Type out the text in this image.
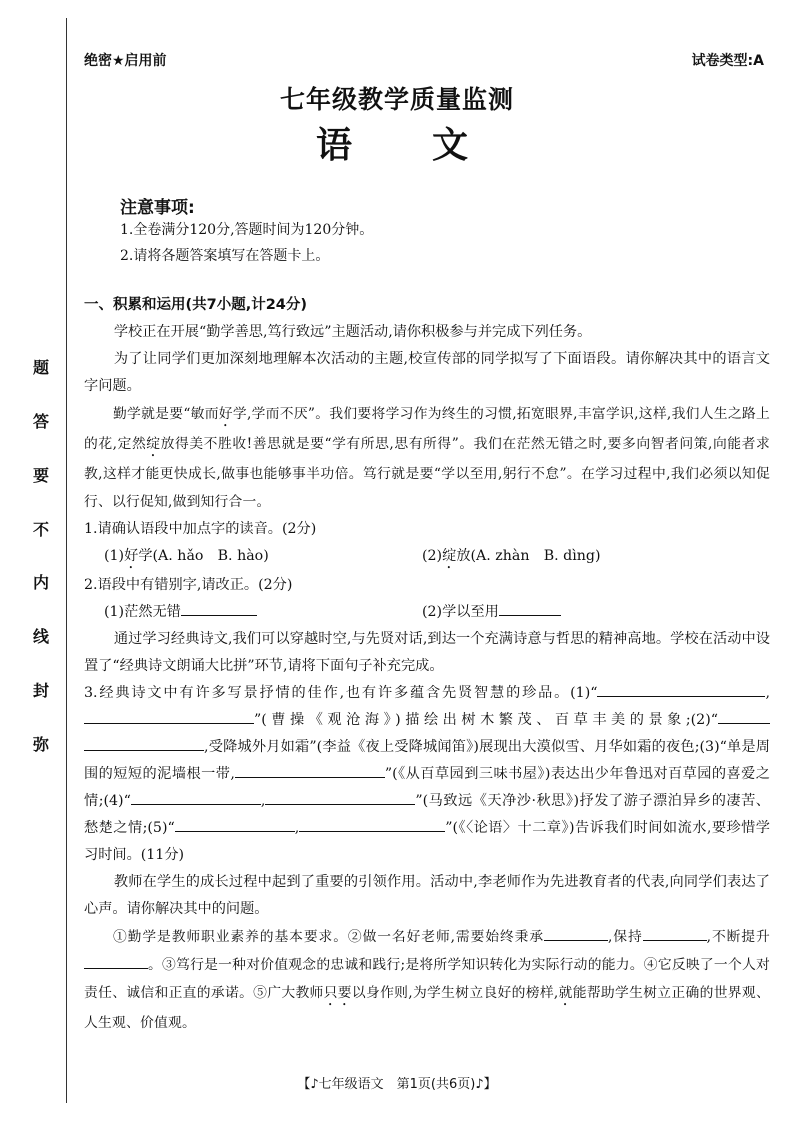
题
答
要
不
内
线
封
弥
绝密★启用前	试卷类型:A
七年级教学质量监测
语文
注意事项:
1.全卷满分120分,答题时间为120分钟。
2.请将各题答案填写在答题卡上。

一、积累和运用(共7小题,计24分)

学校正在开展“勤学善思,笃行致远”主题活动,请你积极参与并完成下列任务。

为了让同学们更加深刻地理解本次活动的主题,校宣传部的同学拟写了下面语段。请你解决其中的语言文字问题。

勤学就是要“敏而好学,学而不厌”。我们要将学习作为终生的习惯,拓宽眼界,丰富学识,这样,我们人生之路上的花,定然绽放得美不胜收!善思就是要“学有所思,思有所得”。我们在茫然无错之时,要多向智者问策,向能者求教,这样才能更快成长,做事也能够事半功倍。笃行就是要“学以至用,躬行不怠”。在学习过程中,我们必须以知促行、以行促知,做到知行合一。

1.请确认语段中加点字的读音。(2分)

(1)好学(A. hǎo　B. hào)	(2)绽放(A. zhàn　B. dìng)

2.语段中有错别字,请改正。(2分)

(1)茫然无错	(2)学以至用

通过学习经典诗文,我们可以穿越时空,与先贤对话,到达一个充满诗意与哲思的精神高地。学校在活动中设置了“经典诗文朗诵大比拼”环节,请将下面句子补充完成。

3.经典诗文中有许多写景抒情的佳作,也有许多蕴含先贤智慧的珍品。(1)“	,”(曹操《观沧海》)描绘出树木繁茂、百草丰美的景象;(2)“,受降城外月如霜”(李益《夜上受降城闻笛》)展现出大漠似雪、月华如霜的夜色;(3)“单是周围的短短的泥墙根一带,	”(《从百草园到三味书屋》)表达出少年鲁迅对百草园的喜爱之情;(4)“	,	”(马致远《天净沙·秋思》)抒发了游子漂泊异乡的凄苦、愁楚之情;(5)“	,	”(《〈论语〉十二章》)告诉我们时间如流水,要珍惜学习时间。(11分)

教师在学生的成长过程中起到了重要的引领作用。活动中,李老师作为先进教育者的代表,向同学们表达了心声。请你解决其中的问题。

①勤学是教师职业素养的基本要求。②做一名好老师,需要始终秉承	,保持	,不断提升。③笃行是一种对价值观念的忠诚和践行;是将所学知识转化为实际行动的能力。④它反映了一个人对责任、诚信和正直的承诺。⑤广大教师只要以身作则,为学生树立良好的榜样,就能帮助学生树立正确的世界观、人生观、价值观。

【♪七年级语文　第1页(共6页)♪】
